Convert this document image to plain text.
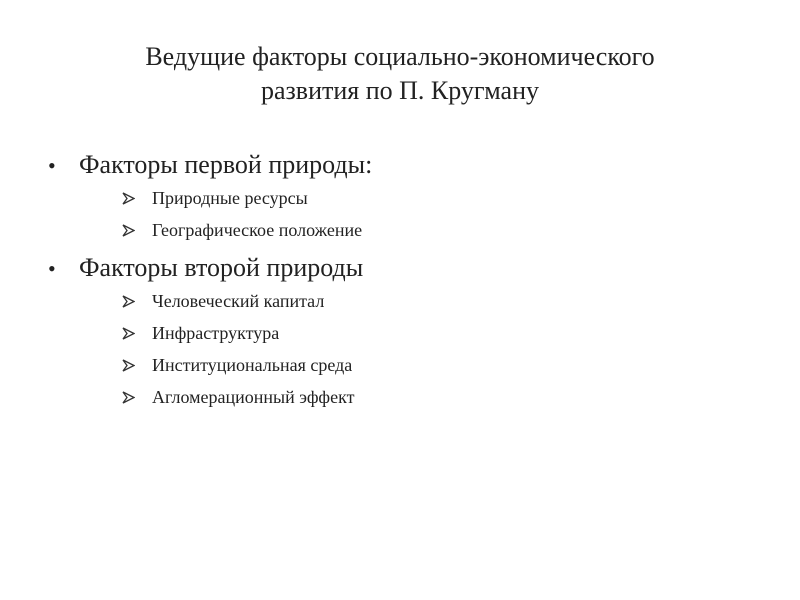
Ведущие факторы социально-экономического
развития по П. Кругману
• Факторы первой природы:
Природные ресурсы
Географическое положение
• Факторы второй природы
Человеческий капитал
Инфраструктура
Институциональная среда
Агломерационный эффект
